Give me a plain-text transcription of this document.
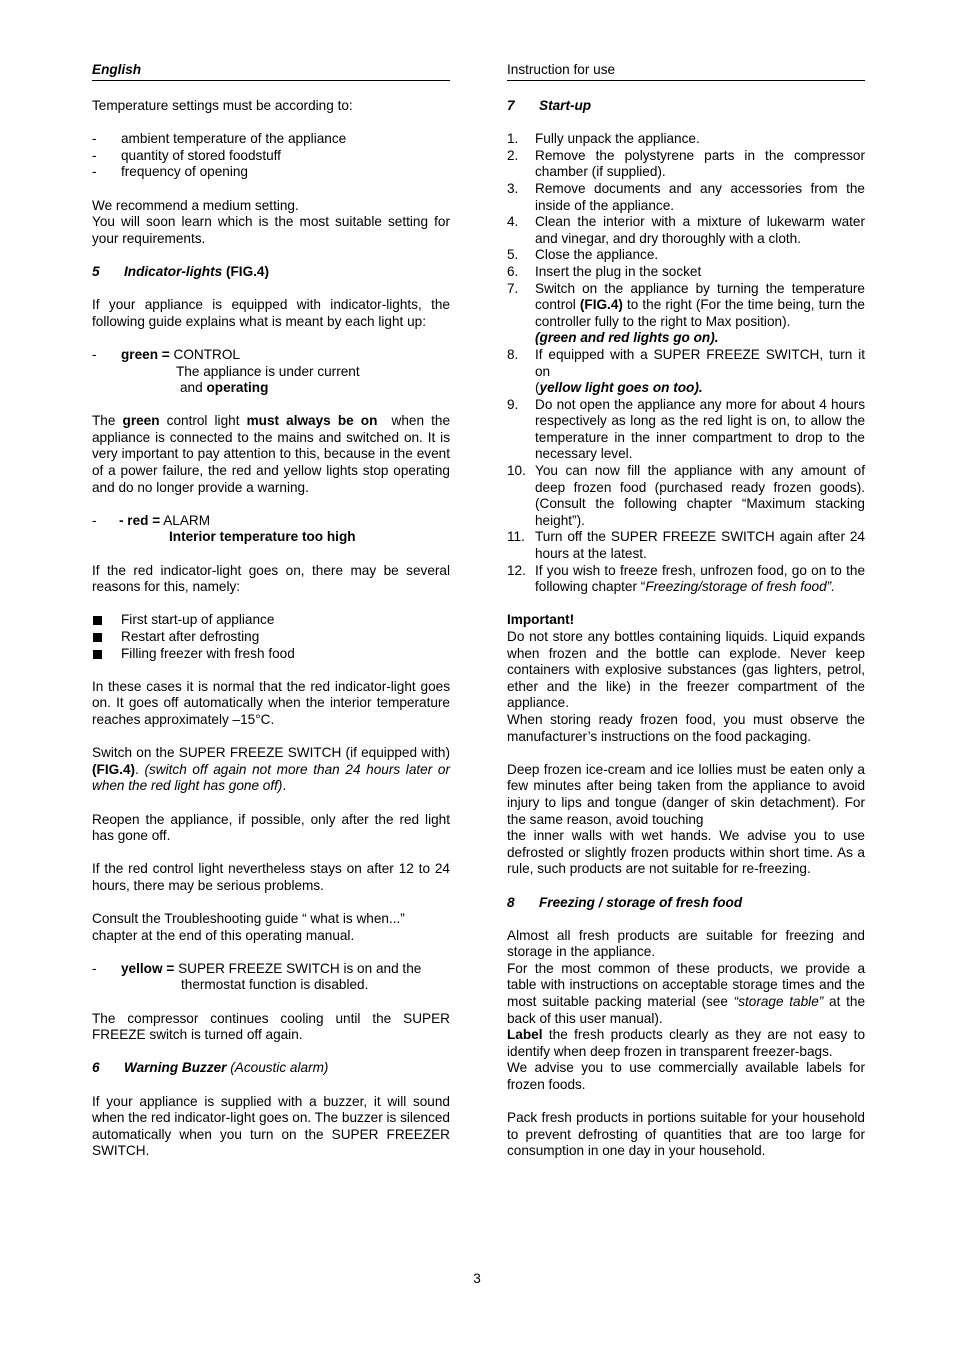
English

Temperature settings must be according to:

- ambient temperature of the appliance
- quantity of stored foodstuff
- frequency of opening

We recommend a medium setting.

You will soon learn which is the most suitable setting for your requirements.

5 Indicator-lights (FIG.4)

If your appliance is equipped with indicator-lights, the following guide explains what is meant by each light up:

- green = CONTROL
The appliance is under current
and operating

The green control light must always be on when the appliance is connected to the mains and switched on. It is very important to pay attention to this, because in the event of a power failure, the red and yellow lights stop operating and do no longer provide a warning.

- - red = ALARM
Interior temperature too high

If the red indicator-light goes on, there may be several reasons for this, namely:

First start-up of appliance
Restart after defrosting
Filling freezer with fresh food

In these cases it is normal that the red indicator-light goes on. It goes off automatically when the interior temperature reaches approximately –15°C.

Switch on the SUPER FREEZE SWITCH (if equipped with) (FIG.4). (switch off again not more than 24 hours later or when the red light has gone off).

Reopen the appliance, if possible, only after the red light has gone off.

If the red control light nevertheless stays on after 12 to 24 hours, there may be serious problems.

Consult the Troubleshooting guide “ what is when...”
chapter at the end of this operating manual.
- yellow = SUPER FREEZE SWITCH is on and the
thermostat function is disabled.

The compressor continues cooling until the SUPER FREEZE switch is turned off again.

6 Warning Buzzer (Acoustic alarm)

If your appliance is supplied with a buzzer, it will sound when the red indicator-light goes on. The buzzer is silenced automatically when you turn on the SUPER FREEZER SWITCH.

Instruction for use
7 Start-up
1. Fully unpack the appliance.
2. Remove the polystyrene parts in the compressor chamber (if supplied).
3. Remove documents and any accessories from the inside of the appliance.
4. Clean the interior with a mixture of lukewarm water and vinegar, and dry thoroughly with a cloth.
5. Close the appliance.
6. Insert the plug in the socket
7. Switch on the appliance by turning the temperature control (FIG.4) to the right (For the time being, turn the controller fully to the right to Max position).
(green and red lights go on).
8. If equipped with a SUPER FREEZE SWITCH, turn it on
(yellow light goes on too).
9. Do not open the appliance any more for about 4 hours respectively as long as the red light is on, to allow the temperature in the inner compartment to drop to the necessary level.
10. You can now fill the appliance with any amount of deep frozen food (purchased ready frozen goods). (Consult the following chapter “Maximum stacking height”).
11. Turn off the SUPER FREEZE SWITCH again after 24 hours at the latest.
12. If you wish to freeze fresh, unfrozen food, go on to the following chapter “Freezing/storage of fresh food”.
Important!

Do not store any bottles containing liquids. Liquid expands when frozen and the bottle can explode. Never keep containers with explosive substances (gas lighters, petrol, ether and the like) in the freezer compartment of the appliance.

When storing ready frozen food, you must observe the manufacturer’s instructions on the food packaging.

Deep frozen ice-cream and ice lollies must be eaten only a few minutes after being taken from the appliance to avoid injury to lips and tongue (danger of skin detachment). For the same reason, avoid touching

the inner walls with wet hands. We advise you to use defrosted or slightly frozen products within short time. As a rule, such products are not suitable for re-freezing.

8 Freezing / storage of fresh food

Almost all fresh products are suitable for freezing and storage in the appliance.

For the most common of these products, we provide a table with instructions on acceptable storage times and the most suitable packing material (see “storage table” at the back of this user manual).

Label the fresh products clearly as they are not easy to identify when deep frozen in transparent freezer-bags.

We advise you to use commercially available labels for frozen foods.

Pack fresh products in portions suitable for your household to prevent defrosting of quantities that are too large for consumption in one day in your household.

3
